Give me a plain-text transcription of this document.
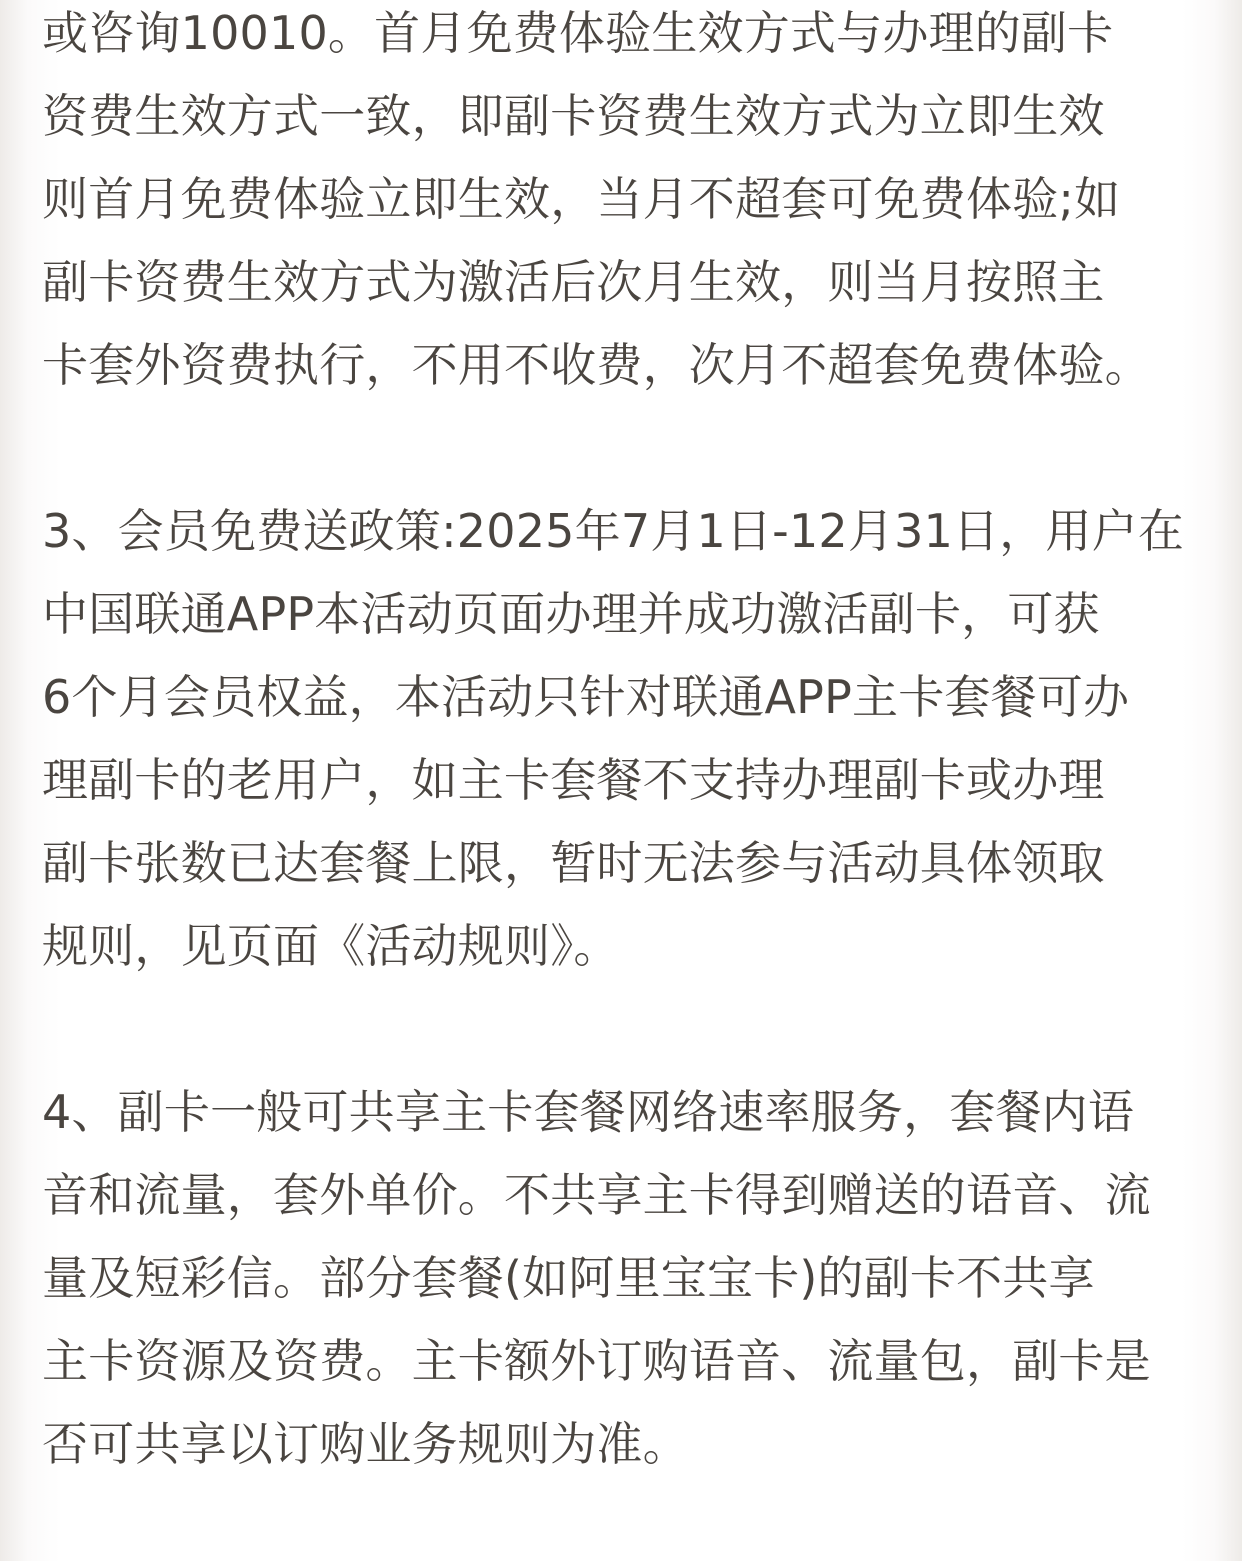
或咨询10010。首月免费体验生效方式与办理的副卡
资费生效方式一致，即副卡资费生效方式为立即生效
则首月免费体验立即生效，当月不超套可免费体验;如
副卡资费生效方式为激活后次月生效，则当月按照主
卡套外资费执行，不用不收费，次月不超套免费体验。
3、会员免费送政策:2025年7月1日-12月31日，用户在
中国联通APP本活动页面办理并成功激活副卡，可获
6个月会员权益，本活动只针对联通APP主卡套餐可办
理副卡的老用户，如主卡套餐不支持办理副卡或办理
副卡张数已达套餐上限，暂时无法参与活动具体领取
规则，见页面《活动规则》。
4、副卡一般可共享主卡套餐网络速率服务，套餐内语
音和流量，套外单价。不共享主卡得到赠送的语音、流
量及短彩信。部分套餐(如阿里宝宝卡)的副卡不共享
主卡资源及资费。主卡额外订购语音、流量包，副卡是
否可共享以订购业务规则为准。
